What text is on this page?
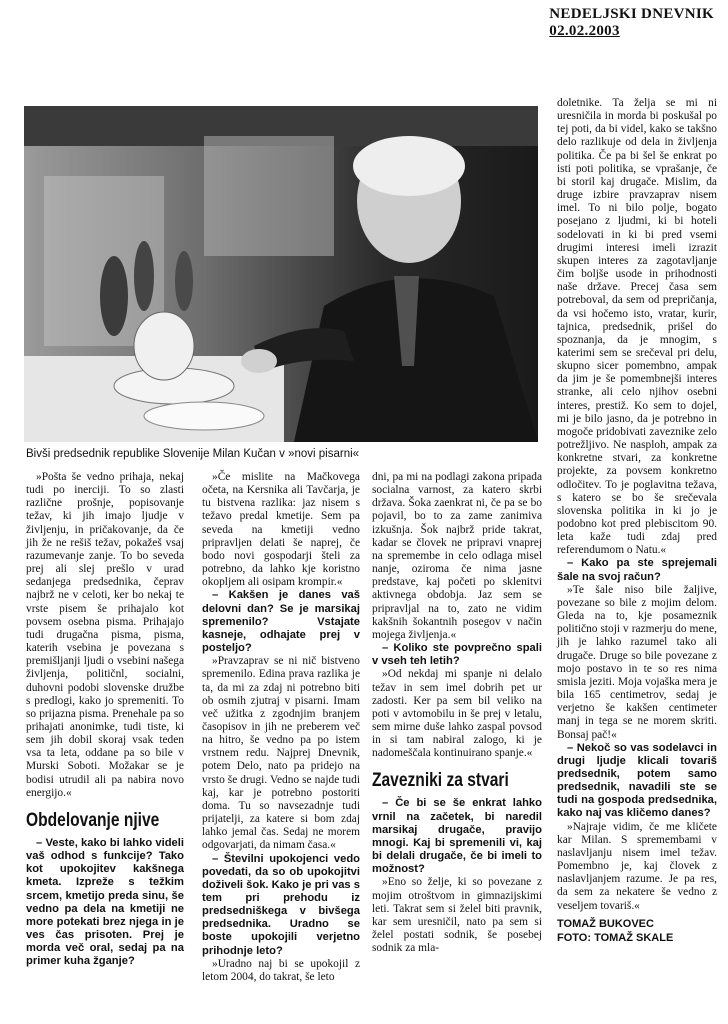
NEDELJSKI DNEVNIK
02.02.2003
Bivši predsednik republike Slovenije Milan Kučan v »novi pisarni«

»Pošta še vedno prihaja, nekaj tudi po inerciji. To so zlasti različne prošnje, popisovanje težav, ki jih imajo ljudje v življenju, in pričakovanje, da če jih že ne rešiš težav, pokažeš vsaj razumevanje zanje. To bo seveda prej ali slej prešlo v urad sedanjega predsednika, čeprav najbrž ne v celoti, ker bo nekaj te vrste pisem še prihajalo kot povsem osebna pisma. Prihajajo tudi drugačna pisma, pisma, katerih vsebina je povezana s premišljanji ljudi o vsebini našega življenja, političnl, socialni, duhovni podobi slovenske družbe s predlogi, kako jo spremeniti. To so prijazna pisma. Prenehale pa so prihajati anonimke, tudi tiste, ki sem jih dobil skoraj vsak teden vsa ta leta, oddane pa so bile v Murski Soboti. Možakar se je bodisi utrudil ali pa nabira novo energijo.«

Obdelovanje njive

– Veste, kako bi lahko videli vaš odhod s funkcije? Tako kot upokojitev kakšnega kmeta. Izpreže s težkim srcem, kmetijo preda sinu, še vedno pa dela na kmetiji ne more potekati brez njega in je ves čas prisoten. Prej je morda več oral, sedaj pa na primer kuha žganje?

»Če mislite na Mačkovega očeta, na Kersnika ali Tavčarja, je tu bistvena razlika: jaz nisem s težavo predal kmetije. Sem pa seveda na kmetiji vedno pripravljen delati še naprej, če bodo novi gospodarji šteli za potrebno, da lahko kje koristno okopljem ali osipam krompir.«

– Kakšen je danes vaš delovni dan? Se je marsikaj spremenilo? Vstajate kasneje, odhajate prej v posteljo?

»Pravzaprav se ni nič bistveno spremenilo. Edina prava razlika je ta, da mi za zdaj ni potrebno biti ob osmih zjutraj v pisarni. Imam več užitka z zgodnjim branjem časopisov in jih ne preberem več na hitro, še vedno pa po istem vrstnem redu. Najprej Dnevnik, potem Delo, nato pa pridejo na vrsto še drugi. Vedno se najde tudi kaj, kar je potrebno postoriti doma. Tu so navsezadnje tudi prijatelji, za katere si bom zdaj lahko jemal čas. Sedaj ne morem odgovarjati, da nimam časa.«

– Številni upokojenci vedo povedati, da so ob upokojitvi doživeli šok. Kako je pri vas s tem pri prehodu iz predsedniškega v bivšega predsednika. Uradno se boste upokojili verjetno prihodnje leto?

»Uradno naj bi se upokojil z letom 2004, do takrat, še leto

dni, pa mi na podlagi zakona pripada socialna varnost, za katero skrbi država. Šoka zaenkrat ni, če pa se bo pojavil, bo to za zame zanimiva izkušnja. Šok najbrž pride takrat, kadar se človek ne pripravi vnaprej na spremembe in celo odlaga misel nanje, oziroma če nima jasne predstave, kaj početi po sklenitvi aktivnega obdobja. Jaz sem se pripravljal na to, zato ne vidim kakšnih šokantnih posegov v način mojega življenja.«

– Koliko ste povprečno spali v vseh teh letih?

»Od nekdaj mi spanje ni delalo težav in sem imel dobrih pet ur zadosti. Ker pa sem bil veliko na poti v avtomobilu in še prej v letalu, sem mirne duše lahko zaspal povsod in si tam nabiral zalogo, ki je nadomeščala kontinuirano spanje.«

Zavezniki za stvari

– Če bi se še enkrat lahko vrnil na začetek, bi naredil marsikaj drugače, pravijo mnogi. Kaj bi spremenili vi, kaj bi delali drugače, če bi imeli to možnost?

»Eno so želje, ki so povezane z mojim otroštvom in gimnazijskimi leti. Takrat sem si želel biti pravnik, kar sem uresničil, nato pa sem si želel postati sodnik, še posebej sodnik za mla-

doletnike. Ta želja se mi ni uresničila in morda bi poskušal po tej poti, da bi videl, kako se takšno delo razlikuje od dela in življenja politika. Če pa bi šel še enkrat po isti poti politika, se vprašanje, če bi storil kaj drugače. Mislim, da druge izbire pravzaprav nisem imel. To ni bilo polje, bogato posejano z ljudmi, ki bi hoteli sodelovati in ki bi pred vsemi drugimi interesi imeli izrazit skupen interes za zagotavljanje čim boljše usode in prihodnosti naše države. Precej časa sem potreboval, da sem od prepričanja, da vsi hočemo isto, vratar, kurir, tajnica, predsednik, prišel do spoznanja, da je mnogim, s katerimi sem se srečeval pri delu, skupno sicer pomembno, ampak da jim je še pomembnejši interes stranke, ali celo njihov osebni interes, prestiž. Ko sem to dojel, mi je bilo jasno, da je potrebno in mogoče pridobivati zaveznike zelo potrežljivo. Ne nasploh, ampak za konkretne stvari, za konkretne projekte, za povsem konkretno odločitev. To je poglavitna težava, s katero se bo še srečevala slovenska politika in ki jo je podobno kot pred plebiscitom 90. leta kaže tudi zdaj pred referendumom o Natu.«

– Kako pa ste sprejemali šale na svoj račun?

»Te šale niso bile žaljive, povezane so bile z mojim delom. Gleda na to, kje posameznik politično stoji v razmerju do mene, jih je lahko razumel tako ali drugače. Druge so bile povezane z mojo postavo in te so res nima smisla jeziti. Moja vojaška mera je bila 165 centimetrov, sedaj je verjetno še kakšen centimeter manj in tega se ne morem skriti. Bonsaj pač!«

– Nekoč so vas sodelavci in drugi ljudje klicali tovariš predsednik, potem samo predsednik, navadili ste se tudi na gospoda predsednika, kako naj vas kličemo danes?

»Najraje vidim, če me kličete kar Milan. S spremembami v naslavljanju nisem imel težav. Pomembno je, kaj človek z naslavljanjem razume. Je pa res, da sem za nekatere še vedno z veseljem tovariš.«

TOMAŽ BUKOVEC
FOTO: TOMAŽ SKALE
